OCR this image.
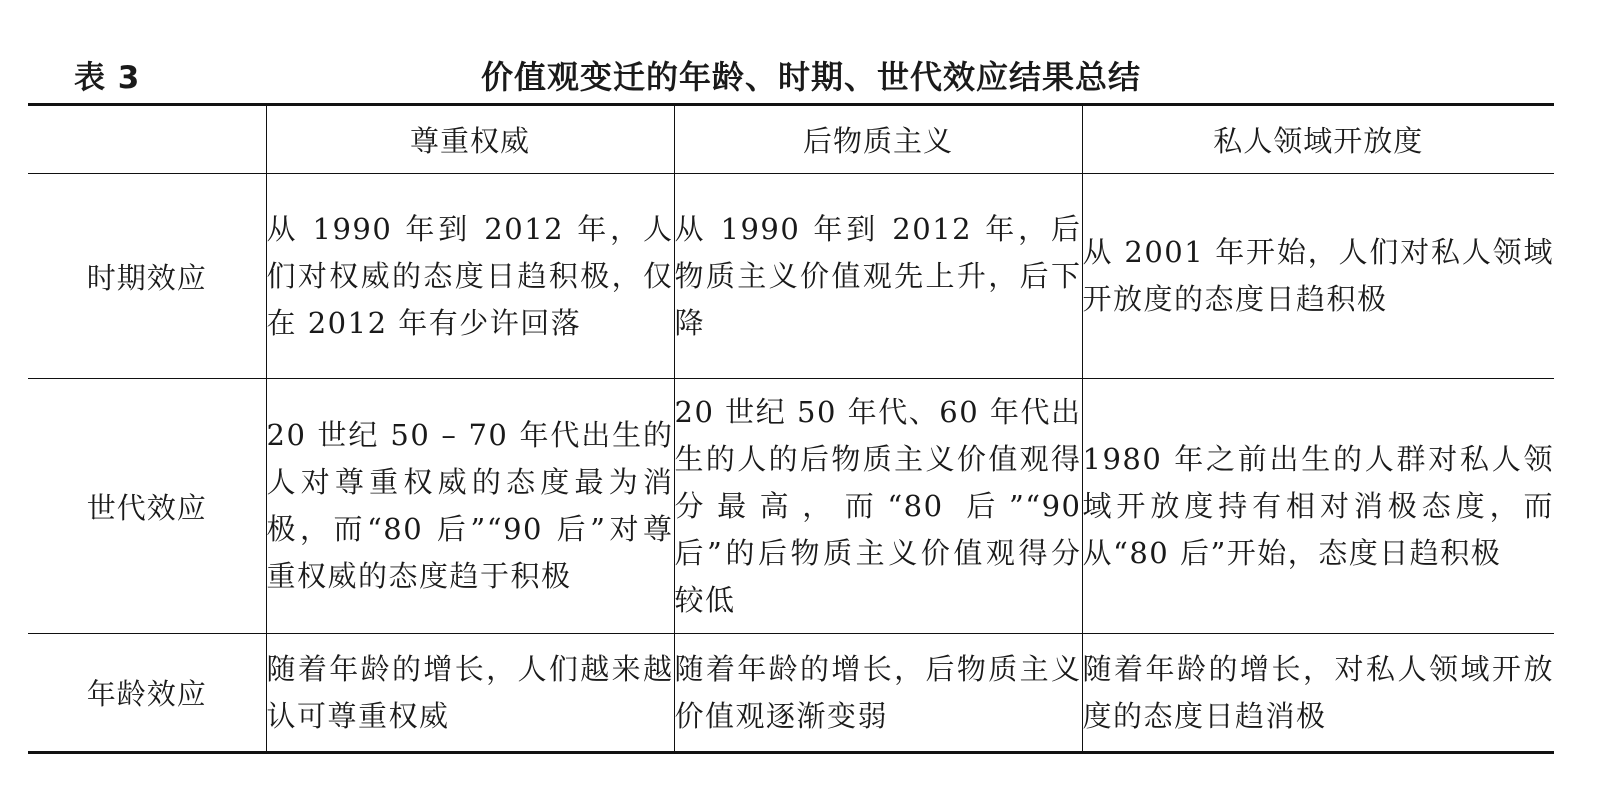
表 3	价值观变迁的年龄、时期、世代效应结果总结
	尊重权威	后物质主义	私人领域开放度
时期效应	从 1990 年到 2012 年，人们对权威的态度日趋积极，仅在 2012 年有少许回落	从 1990 年到 2012 年，后物质主义价值观先上升，后下降	从 2001 年开始，人们对私人领域开放度的态度日趋积极
世代效应	20 世纪 50 – 70 年代出生的人对尊重权威的态度最为消极，而“80 后”“90 后”对尊重权威的态度趋于积极	20 世纪 50 年代、60 年代出生的人的后物质主义价值观得分最高，而“80 后”“90 后”的后物质主义价值观得分较低	1980 年之前出生的人群对私人领域开放度持有相对消极态度，而从“80 后”开始，态度日趋积极
年龄效应	随着年龄的增长，人们越来越认可尊重权威	随着年龄的增长，后物质主义价值观逐渐变弱	随着年龄的增长，对私人领域开放度的态度日趋消极
